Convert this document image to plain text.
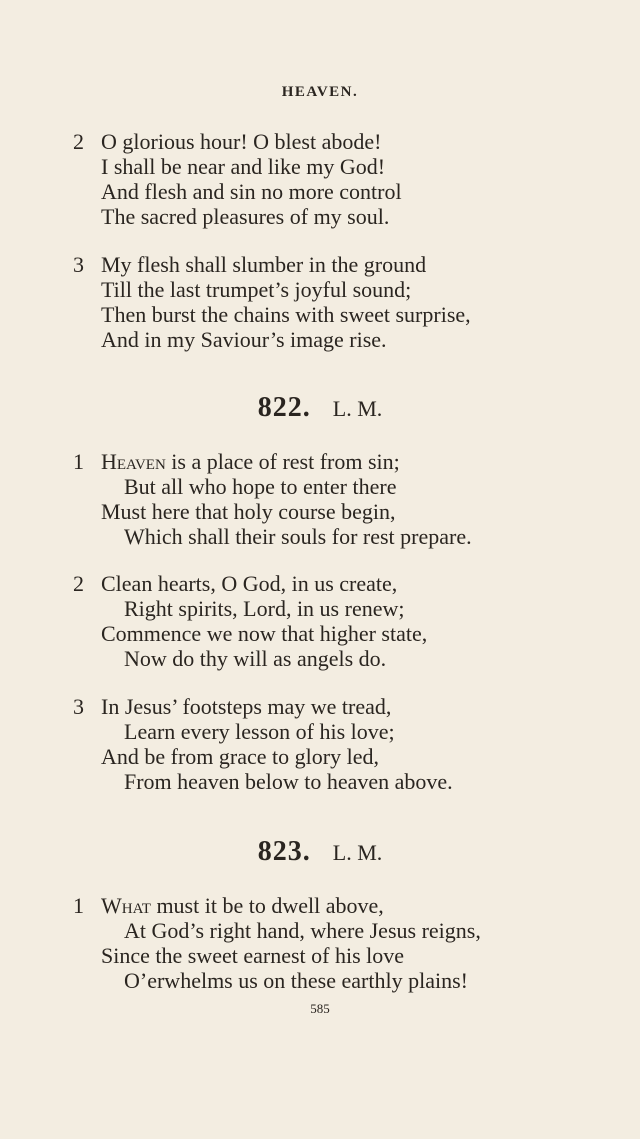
HEAVEN.
2 O glorious hour! O blest abode!
I shall be near and like my God!
And flesh and sin no more control
The sacred pleasures of my soul.
3 My flesh shall slumber in the ground
Till the last trumpet’s joyful sound;
Then burst the chains with sweet surprise,
And in my Saviour’s image rise.
822. L. M.
1 Heaven is a place of rest from sin;
But all who hope to enter there
Must here that holy course begin,
Which shall their souls for rest prepare.
2 Clean hearts, O God, in us create,
Right spirits, Lord, in us renew;
Commence we now that higher state,
Now do thy will as angels do.
3 In Jesus’ footsteps may we tread,
Learn every lesson of his love;
And be from grace to glory led,
From heaven below to heaven above.
823. L. M.
1 What must it be to dwell above,
At God’s right hand, where Jesus reigns,
Since the sweet earnest of his love
O’erwhelms us on these earthly plains!
585
